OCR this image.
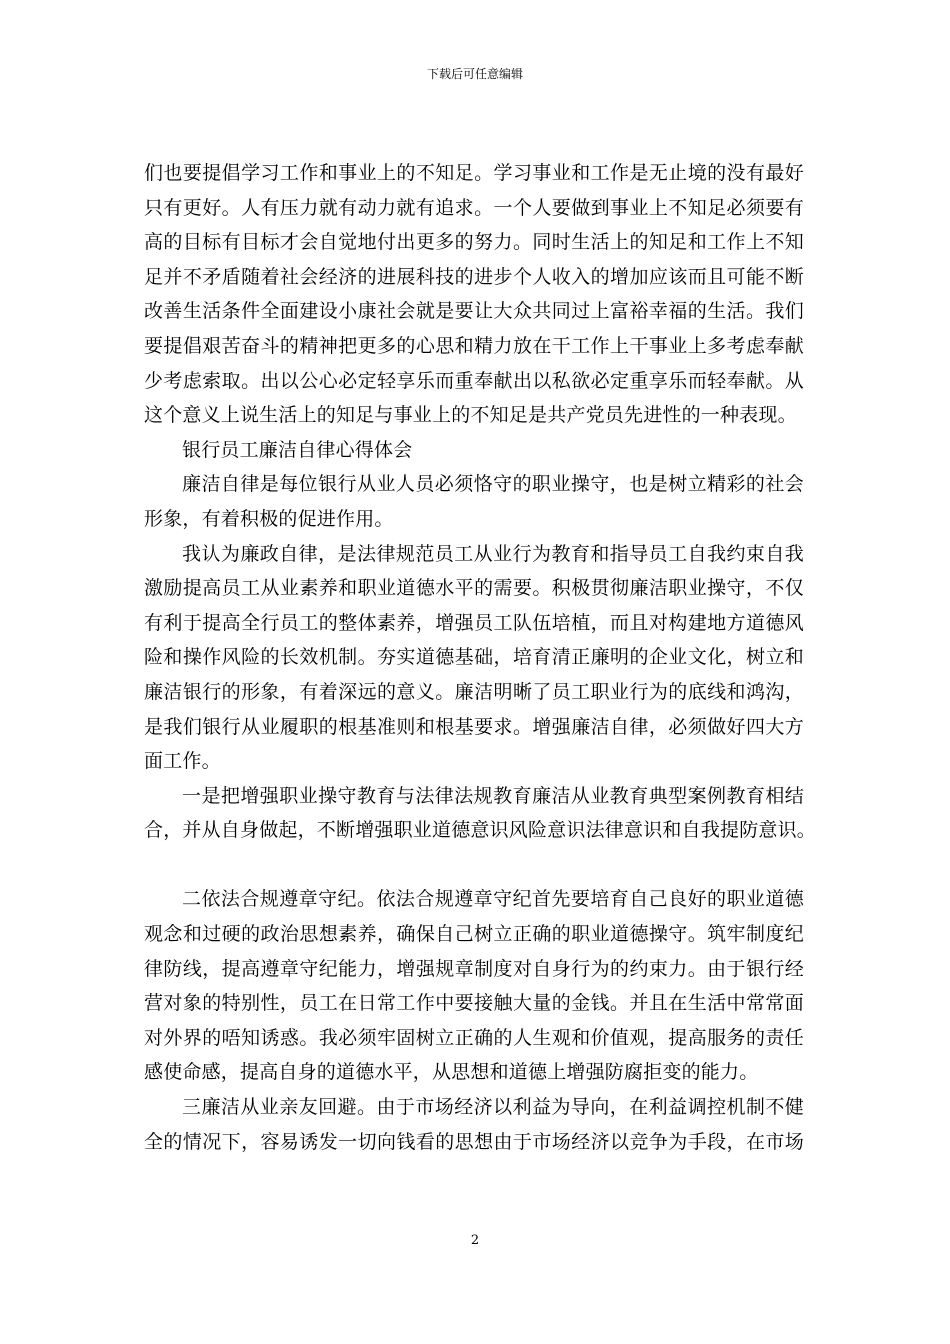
下载后可任意编辑
们也要提倡学习工作和事业上的不知足。学习事业和工作是无止境的没有最好
只有更好。人有压力就有动力就有追求。一个人要做到事业上不知足必须要有
高的目标有目标才会自觉地付出更多的努力。同时生活上的知足和工作上不知
足并不矛盾随着社会经济的进展科技的进步个人收入的增加应该而且可能不断
改善生活条件全面建设小康社会就是要让大众共同过上富裕幸福的生活。我们
要提倡艰苦奋斗的精神把更多的心思和精力放在干工作上干事业上多考虑奉献
少考虑索取。出以公心必定轻享乐而重奉献出以私欲必定重享乐而轻奉献。从
这个意义上说生活上的知足与事业上的不知足是共产党员先进性的一种表现。
银行员工廉洁自律心得体会
廉洁自律是每位银行从业人员必须恪守的职业操守，也是树立精彩的社会
形象，有着积极的促进作用。
我认为廉政自律，是法律规范员工从业行为教育和指导员工自我约束自我
激励提高员工从业素养和职业道德水平的需要。积极贯彻廉洁职业操守，不仅
有利于提高全行员工的整体素养，增强员工队伍培植，而且对构建地方道德风
险和操作风险的长效机制。夯实道德基础，培育清正廉明的企业文化，树立和
廉洁银行的形象，有着深远的意义。廉洁明晰了员工职业行为的底线和鸿沟，
是我们银行从业履职的根基准则和根基要求。增强廉洁自律，必须做好四大方
面工作。
一是把增强职业操守教育与法律法规教育廉洁从业教育典型案例教育相结
合，并从自身做起，不断增强职业道德意识风险意识法律意识和自我提防意识。
二依法合规遵章守纪。依法合规遵章守纪首先要培育自己良好的职业道德
观念和过硬的政治思想素养，确保自己树立正确的职业道德操守。筑牢制度纪
律防线，提高遵章守纪能力，增强规章制度对自身行为的约束力。由于银行经
营对象的特别性，员工在日常工作中要接触大量的金钱。并且在生活中常常面
对外界的唔知诱惑。我必须牢固树立正确的人生观和价值观，提高服务的责任
感使命感，提高自身的道德水平，从思想和道德上增强防腐拒变的能力。
三廉洁从业亲友回避。由于市场经济以利益为导向，在利益调控机制不健
全的情况下，容易诱发一切向钱看的思想由于市场经济以竞争为手段，在市场
2
